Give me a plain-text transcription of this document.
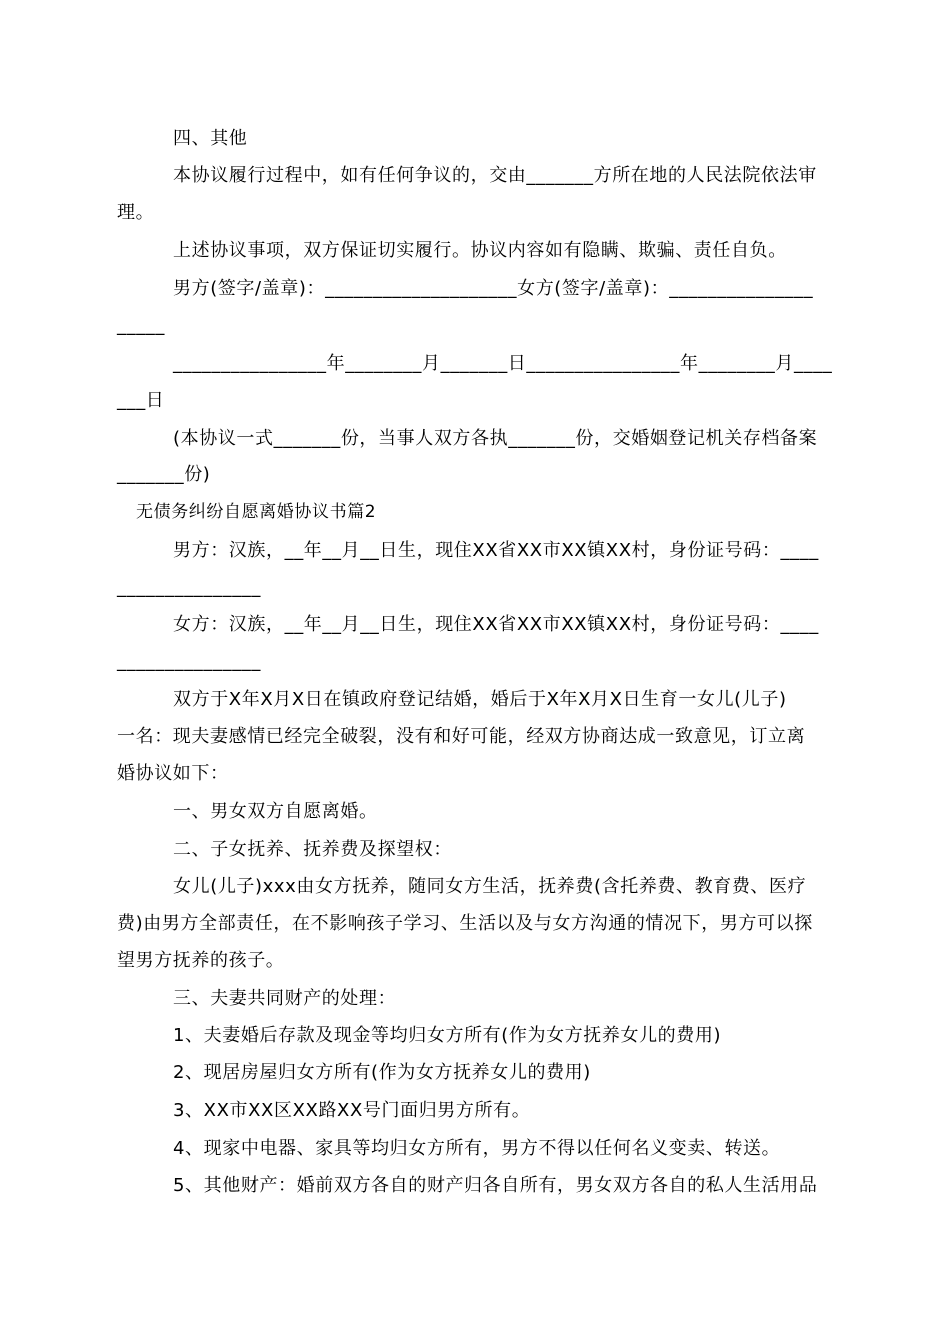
四、其他
本协议履行过程中，如有任何争议的，交由_______方所在地的人民法院依法审
理。
上述协议事项，双方保证切实履行。协议内容如有隐瞒、欺骗、责任自负。
男方(签字/盖章)：____________________女方(签字/盖章)：_______________
_____
________________年________月_______日________________年________月____
___日
(本协议一式_______份，当事人双方各执_______份，交婚姻登记机关存档备案
_______份)
无债务纠纷自愿离婚协议书篇2
男方：汉族，__年__月__日生，现住XX省XX市XX镇XX村，身份证号码：____
_______________
女方：汉族，__年__月__日生，现住XX省XX市XX镇XX村，身份证号码：____
_______________
双方于X年X月X日在镇政府登记结婚，婚后于X年X月X日生育一女儿(儿子)
一名：现夫妻感情已经完全破裂，没有和好可能，经双方协商达成一致意见，订立离
婚协议如下：
一、男女双方自愿离婚。
二、子女抚养、抚养费及探望权：
女儿(儿子)xxx由女方抚养，随同女方生活，抚养费(含托养费、教育费、医疗
费)由男方全部责任，在不影响孩子学习、生活以及与女方沟通的情况下，男方可以探
望男方抚养的孩子。
三、夫妻共同财产的处理：
1、夫妻婚后存款及现金等均归女方所有(作为女方抚养女儿的费用)
2、现居房屋归女方所有(作为女方抚养女儿的费用)
3、XX市XX区XX路XX号门面归男方所有。
4、现家中电器、家具等均归女方所有，男方不得以任何名义变卖、转送。
5、其他财产：婚前双方各自的财产归各自所有，男女双方各自的私人生活用品
